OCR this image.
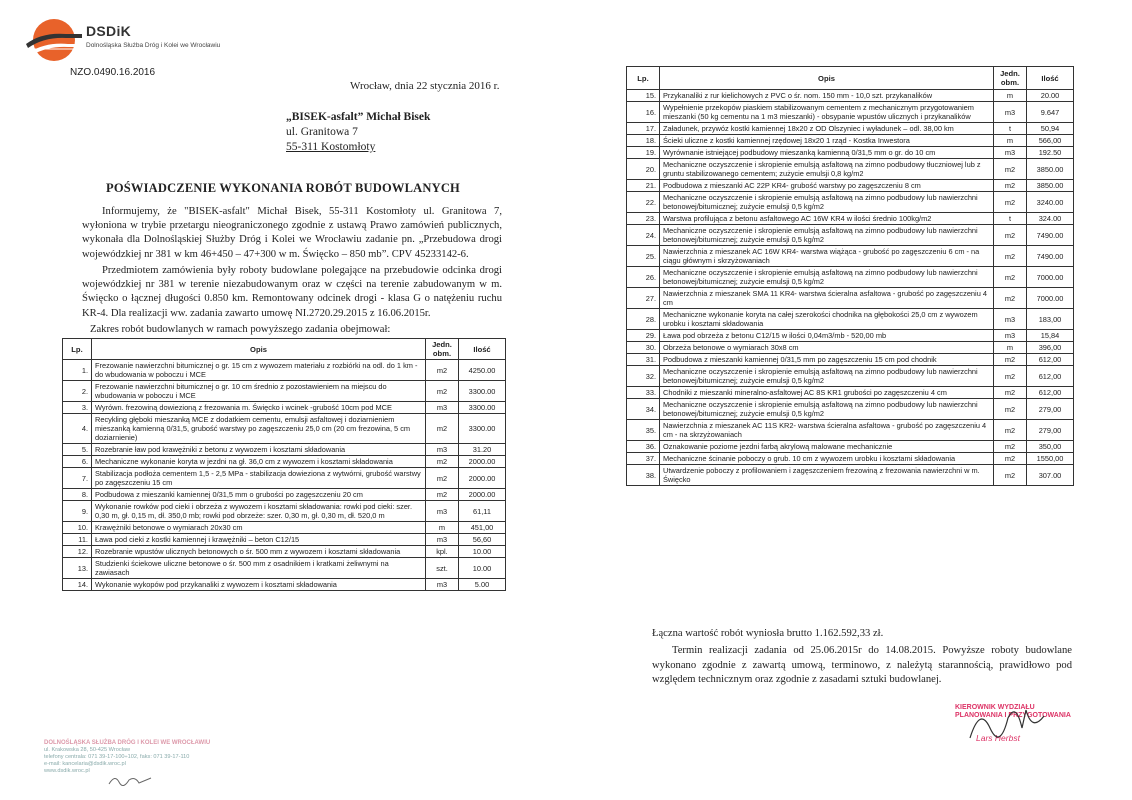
DSDiK
Dolnośląska Służba Dróg i Kolei we Wrocławiu
NZO.0490.16.2016
Wrocław, dnia 22 stycznia 2016 r.
„BISEK-asfalt” Michał Bisek
ul. Granitowa 7
55-311 Kostomłoty
POŚWIADCZENIE WYKONANIA ROBÓT BUDOWLANYCH
Informujemy, że "BISEK-asfalt" Michał Bisek, 55-311 Kostomłoty ul. Granitowa 7, wyłoniona w trybie przetargu nieograniczonego zgodnie z ustawą Prawo zamówień publicznych, wykonała dla Dolnośląskiej Służby Dróg i Kolei we Wrocławiu zadanie pn. „Przebudowa drogi wojewódzkiej nr 381 w km 46+450 – 47+300 w m. Święcko – 850 mb”. CPV 45233142-6.
Przedmiotem zamówienia były roboty budowlane polegające na przebudowie odcinka drogi wojewódzkiej nr 381 w terenie niezabudowanym oraz w części na terenie zabudowanym w m. Święcko o łącznej długości 0.850 km. Remontowany odcinek drogi - klasa G o natężeniu ruchu KR-4. Dla realizacji ww. zadania zawarto umowę NI.2720.29.2015 z 16.06.2015r.
Zakres robót budowlanych w ramach powyższego zadania obejmował:
Lp.	Opis	Jedn. obm.	Ilość
1.	Frezowanie nawierzchni bitumicznej o gr. 15 cm z wywozem materiału z rozbiórki na odl. do 1 km - do wbudowania w poboczu i MCE	m2	4250.00
2.	Frezowanie nawierzchni bitumicznej o gr. 10 cm średnio z pozostawieniem na miejscu do wbudowania w poboczu i MCE	m2	3300.00
3.	Wyrówn. frezowiną dowiezioną z frezowania m. Święcko i wcinek -grubość 10cm pod MCE	m3	3300.00
4.	Recykling głęboki mieszanką MCE z dodatkiem cementu, emulsji asfaltowej i doziarnieniem mieszanką kamienną 0/31,5, grubość warstwy po zagęszczeniu 25,0 cm (20 cm frezowina, 5 cm doziarnienie)	m2	3300.00
5.	Rozebranie ław pod krawężniki z betonu z wywozem i kosztami składowania	m3	31.20
6.	Mechaniczne wykonanie koryta w jezdni na gł. 36,0 cm z wywozem i kosztami składowania	m2	2000.00
7.	Stabilizacja podłoża cementem 1,5 - 2,5 MPa - stabilizacja dowieziona z wytwórni, grubość warstwy po zagęszczeniu 15 cm	m2	2000.00
8.	Podbudowa z mieszanki kamiennej 0/31,5 mm o grubości po zagęszczeniu 20 cm	m2	2000.00
9.	Wykonanie rowków pod cieki i obrzeża z wywozem i kosztami składowania: rowki pod cieki: szer. 0,30 m, gł. 0,15 m, dł. 350,0 mb; rowki pod obrzeże: szer. 0,30 m, gł. 0,30 m, dł. 520,0 m	m3	61,11
10.	Krawężniki betonowe o wymiarach 20x30 cm	m	451,00
11.	Ława pod cieki z kostki kamiennej i krawężniki – beton C12/15	m3	56,60
12.	Rozebranie wpustów ulicznych betonowych o śr. 500 mm z wywozem i kosztami składowania	kpl.	10.00
13.	Studzienki ściekowe uliczne betonowe o śr. 500 mm z osadnikiem i kratkami żeliwnymi na zawiasach	szt.	10.00
14.	Wykonanie wykopów pod przykanaliki z wywozem i kosztami składowania	m3	5.00
DOLNOŚLĄSKA SŁUŻBA DRÓG I KOLEI WE WROCŁAWIU
ul. Krakowska 28, 50-425 Wrocław
telefony centrala: 071 39-17-100÷102, faks: 071 39-17-110
e-mail: kancelaria@dsdik.wroc.pl
www.dsdik.wroc.pl
Lp.	Opis	Jedn. obm.	Ilość
15.	Przykanaliki z rur kielichowych z PVC o śr. nom. 150 mm - 10,0 szt. przykanalików	m	20.00
16.	Wypełnienie przekopów piaskiem stabilizowanym cementem z mechanicznym przygotowaniem mieszanki (50 kg cementu na 1 m3 mieszanki) - obsypanie wpustów ulicznych i przykanalików	m3	9.647
17.	Załadunek, przywóz kostki kamiennej 18x20 z OD Olszyniec i wyładunek – odl. 38,00 km	t	50,94
18.	Ścieki uliczne z kostki kamiennej rzędowej 18x20 1 rząd - Kostka Inwestora	m	566,00
19.	Wyrównanie istniejącej podbudowy mieszanką kamienną 0/31,5 mm o gr. do 10 cm	m3	192.50
20.	Mechaniczne oczyszczenie i skropienie emulsją asfaltową na zimno podbudowy tłuczniowej lub z gruntu stabilizowanego cementem; zużycie emulsji 0,8 kg/m2	m2	3850.00
21.	Podbudowa z mieszanki AC 22P KR4- grubość warstwy po zagęszczeniu 8 cm	m2	3850.00
22.	Mechaniczne oczyszczenie i skropienie emulsją asfaltową na zimno podbudowy lub nawierzchni betonowej/bitumicznej; zużycie emulsji 0,5 kg/m2	m2	3240.00
23.	Warstwa profilująca z betonu asfaltowego AC 16W KR4 w ilości średnio 100kg/m2	t	324.00
24.	Mechaniczne oczyszczenie i skropienie emulsją asfaltową na zimno podbudowy lub nawierzchni betonowej/bitumicznej; zużycie emulsji 0,5 kg/m2	m2	7490.00
25.	Nawierzchnia z mieszanek AC 16W KR4- warstwa wiążąca - grubość po zagęszczeniu 6 cm - na ciągu głównym i skrzyżowaniach	m2	7490.00
26.	Mechaniczne oczyszczenie i skropienie emulsją asfaltową na zimno podbudowy lub nawierzchni betonowej/bitumicznej; zużycie emulsji 0,5 kg/m2	m2	7000.00
27.	Nawierzchnia z mieszanek SMA 11 KR4- warstwa ścieralna asfaltowa - grubość po zagęszczeniu 4 cm	m2	7000.00
28.	Mechaniczne wykonanie koryta na całej szerokości chodnika na głębokości 25,0 cm z wywozem urobku i kosztami składowania	m3	183,00
29.	Ława pod obrzeża z betonu C12/15 w ilości 0,04m3/mb - 520,00 mb	m3	15,84
30.	Obrzeża betonowe o wymiarach 30x8 cm	m	396,00
31.	Podbudowa z mieszanki kamiennej 0/31,5 mm po zagęszczeniu 15 cm pod chodnik	m2	612,00
32.	Mechaniczne oczyszczenie i skropienie emulsją asfaltową na zimno podbudowy lub nawierzchni betonowej/bitumicznej; zużycie emulsji 0,5 kg/m2	m2	612,00
33.	Chodniki z mieszanki mineralno-asfaltowej AC 8S KR1 grubości po zagęszczeniu 4 cm	m2	612,00
34.	Mechaniczne oczyszczenie i skropienie emulsją asfaltową na zimno podbudowy lub nawierzchni betonowej/bitumicznej; zużycie emulsji 0,5 kg/m2	m2	279,00
35.	Nawierzchnia z mieszanek AC 11S KR2- warstwa ścieralna asfaltowa - grubość po zagęszczeniu 4 cm - na skrzyżowaniach	m2	279,00
36.	Oznakowanie poziome jezdni farbą akrylową malowane mechanicznie	m2	350,00
37.	Mechaniczne ścinanie poboczy o grub. 10 cm z wywozem urobku i kosztami składowania	m2	1550,00
38.	Utwardzenie poboczy z profilowaniem i zagęszczeniem frezowiną z frezowania nawierzchni w m. Święcko	m2	307.00
Łączna wartość robót wyniosła brutto 1.162.592,33 zł.
Termin realizacji zadania od 25.06.2015r do 14.08.2015. Powyższe roboty budowlane wykonano zgodnie z zawartą umową, terminowo, z należytą starannością, prawidłowo pod względem technicznym oraz zgodnie z zasadami sztuki budowlanej.
KIEROWNIK WYDZIAŁU
PLANOWANIA I PRZYGOTOWANIA
Lars Herbst
